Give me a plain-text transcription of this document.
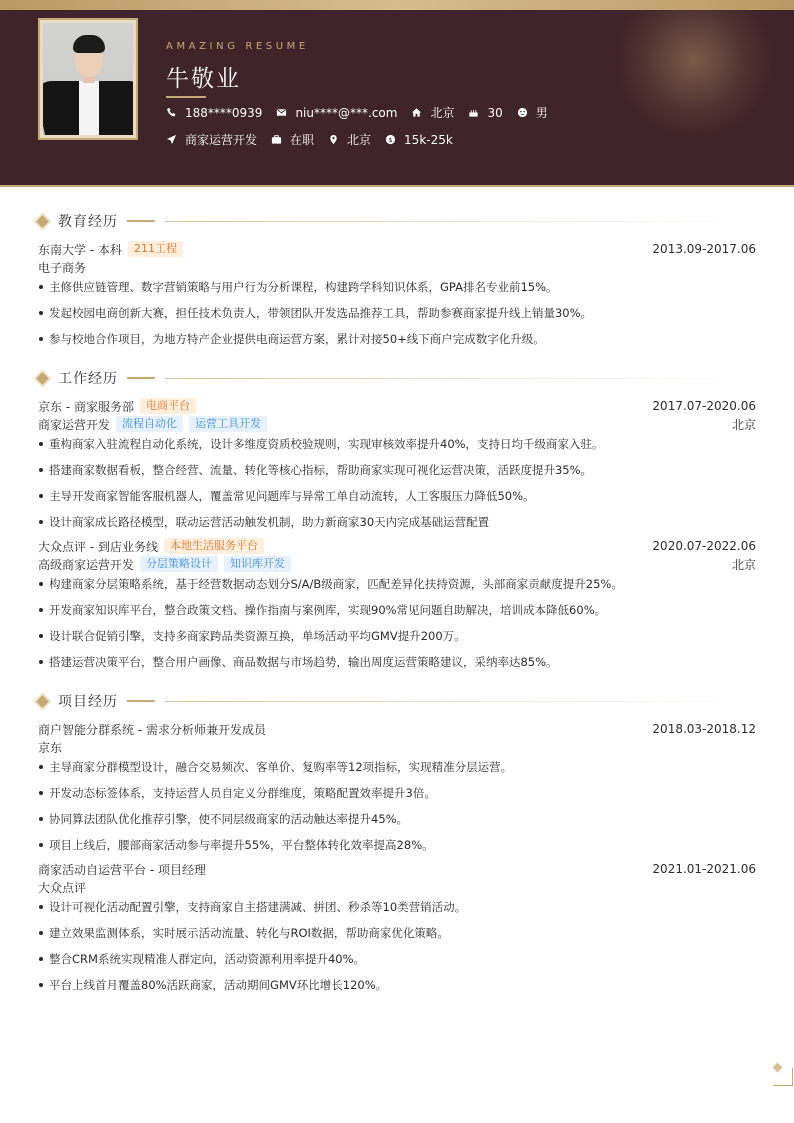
AMAZING RESUME
牛敬业
188****0939	niu****@***.com	北京	30	男
商家运营开发	在职	北京 $ 15k-25k
教育经历
东南大学 - 本科	211工程	2013.09-2017.06
电子商务
主修供应链管理、数字营销策略与用户行为分析课程，构建跨学科知识体系，GPA排名专业前15%。
发起校园电商创新大赛，担任技术负责人，带领团队开发选品推荐工具，帮助参赛商家提升线上销量30%。
参与校地合作项目，为地方特产企业提供电商运营方案，累计对接50+线下商户完成数字化升级。
工作经历
京东 - 商家服务部	电商平台	2017.07-2020.06
商家运营开发	流程自动化	运营工具开发	北京
重构商家入驻流程自动化系统，设计多维度资质校验规则，实现审核效率提升40%，支持日均千级商家入驻。
搭建商家数据看板，整合经营、流量、转化等核心指标，帮助商家实现可视化运营决策，活跃度提升35%。
主导开发商家智能客服机器人，覆盖常见问题库与异常工单自动流转，人工客服压力降低50%。
设计商家成长路径模型，联动运营活动触发机制，助力新商家30天内完成基础运营配置
大众点评 - 到店业务线	本地生活服务平台	2020.07-2022.06
高级商家运营开发	分层策略设计	知识库开发	北京
构建商家分层策略系统，基于经营数据动态划分S/A/B级商家，匹配差异化扶持资源，头部商家贡献度提升25%。
开发商家知识库平台，整合政策文档、操作指南与案例库，实现90%常见问题自助解决，培训成本降低60%。
设计联合促销引擎，支持多商家跨品类资源互换，单场活动平均GMV提升200万。
搭建运营决策平台，整合用户画像、商品数据与市场趋势，输出周度运营策略建议，采纳率达85%。
项目经历
商户智能分群系统 - 需求分析师兼开发成员	2018.03-2018.12
京东
主导商家分群模型设计，融合交易频次、客单价、复购率等12项指标，实现精准分层运营。
开发动态标签体系，支持运营人员自定义分群维度，策略配置效率提升3倍。
协同算法团队优化推荐引擎，使不同层级商家的活动触达率提升45%。
项目上线后，腰部商家活动参与率提升55%，平台整体转化效率提高28%。
商家活动自运营平台 - 项目经理	2021.01-2021.06
大众点评
设计可视化活动配置引擎，支持商家自主搭建满减、拼团、秒杀等10类营销活动。
建立效果监测体系，实时展示活动流量、转化与ROI数据，帮助商家优化策略。
整合CRM系统实现精准人群定向，活动资源利用率提升40%。
平台上线首月覆盖80%活跃商家，活动期间GMV环比增长120%。
